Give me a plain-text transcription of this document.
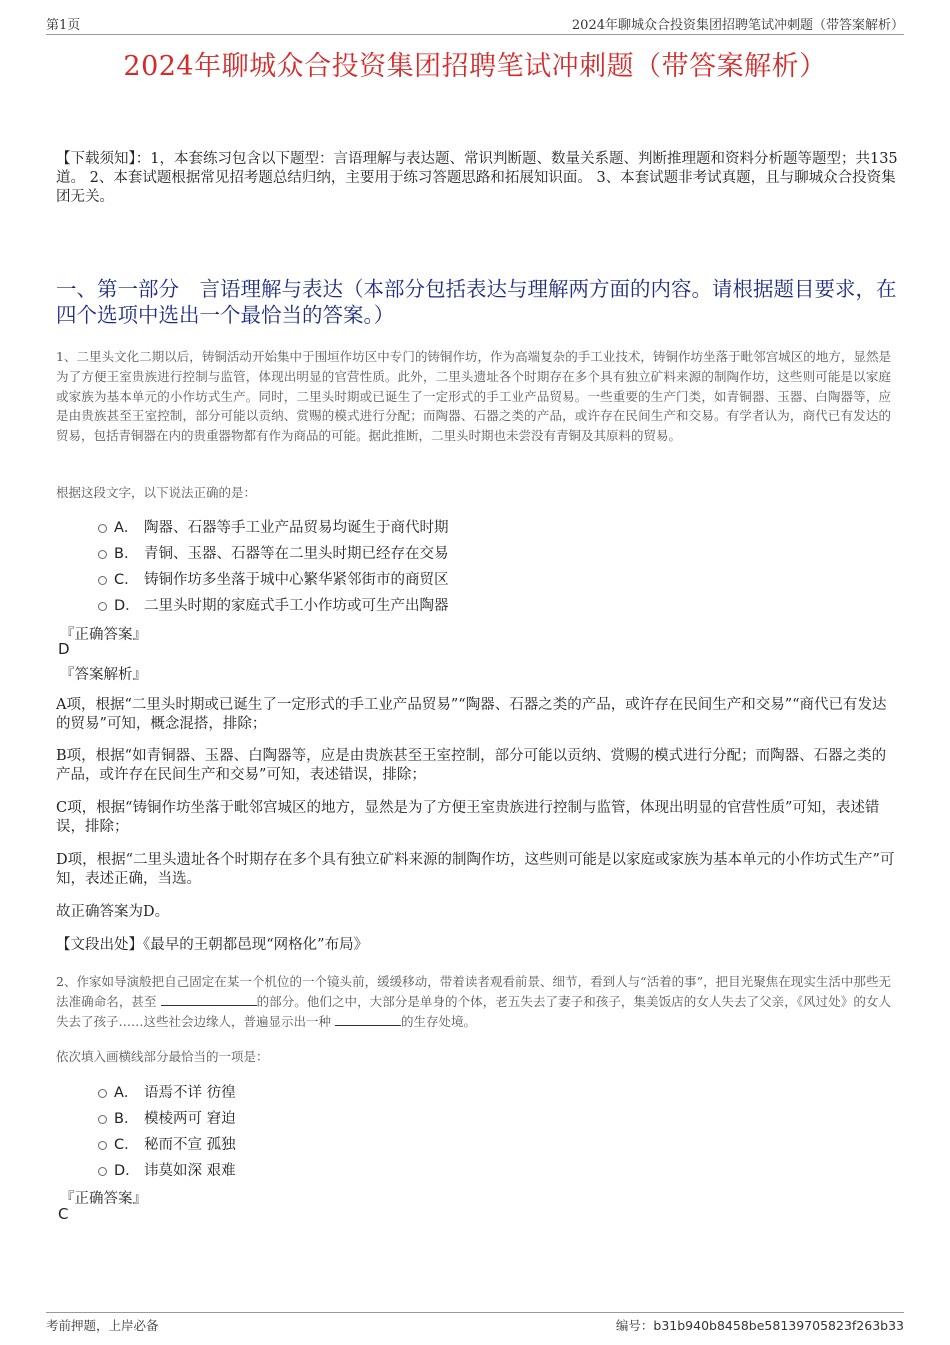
第1页	2024年聊城众合投资集团招聘笔试冲刺题（带答案解析）
2024年聊城众合投资集团招聘笔试冲刺题（带答案解析）
【下载须知】：1，本套练习包含以下题型：言语理解与表达题、常识判断题、数量关系题、判断推理题和资料分析题等题型；共135道。 2、本套试题根据常见招考题总结归纳，主要用于练习答题思路和拓展知识面。 3、本套试题非考试真题，且与聊城众合投资集团无关。
一、第一部分　言语理解与表达（本部分包括表达与理解两方面的内容。请根据题目要求，在四个选项中选出一个最恰当的答案。）
1、二里头文化二期以后，铸铜活动开始集中于围垣作坊区中专门的铸铜作坊，作为高端复杂的手工业技术，铸铜作坊坐落于毗邻宫城区的地方，显然是为了方便王室贵族进行控制与监管，体现出明显的官营性质。此外，二里头遗址各个时期存在多个具有独立矿料来源的制陶作坊，这些则可能是以家庭或家族为基本单元的小作坊式生产。同时，二里头时期或已诞生了一定形式的手工业产品贸易。一些重要的生产门类，如青铜器、玉器、白陶器等，应是由贵族甚至王室控制，部分可能以贡纳、赏赐的模式进行分配；而陶器、石器之类的产品，或许存在民间生产和交易。有学者认为，商代已有发达的贸易，包括青铜器在内的贵重器物都有作为商品的可能。据此推断，二里头时期也未尝没有青铜及其原料的贸易。
根据这段文字，以下说法正确的是：
A． 陶器、石器等手工业产品贸易均诞生于商代时期
B． 青铜、玉器、石器等在二里头时期已经存在交易
C． 铸铜作坊多坐落于城中心繁华紧邻街市的商贸区
D． 二里头时期的家庭式手工小作坊或可生产出陶器
『正确答案』
D
『答案解析』
A项，根据“二里头时期或已诞生了一定形式的手工业产品贸易”“陶器、石器之类的产品，或许存在民间生产和交易”“商代已有发达的贸易”可知，概念混搭，排除；
B项，根据“如青铜器、玉器、白陶器等，应是由贵族甚至王室控制，部分可能以贡纳、赏赐的模式进行分配；而陶器、石器之类的产品，或许存在民间生产和交易”可知，表述错误，排除；
C项，根据“铸铜作坊坐落于毗邻宫城区的地方，显然是为了方便王室贵族进行控制与监管，体现出明显的官营性质”可知，表述错误，排除；
D项，根据“二里头遗址各个时期存在多个具有独立矿料来源的制陶作坊，这些则可能是以家庭或家族为基本单元的小作坊式生产”可知，表述正确，当选。
故正确答案为D。
【文段出处】《最早的王朝都邑现“网格化”布局》
2、作家如导演般把自己固定在某一个机位的一个镜头前，缓缓移动，带着读者观看前景、细节，看到人与“活着的事”，把目光聚焦在现实生活中那些无法准确命名，甚至	的部分。他们之中，大部分是单身的个体，老五失去了妻子和孩子，集美饭店的女人失去了父亲，《风过处》的女人失去了孩子……这些社会边缘人，普遍显示出一种	的生存处境。
依次填入画横线部分最恰当的一项是：
A． 语焉不详 彷徨
B． 模棱两可 窘迫
C． 秘而不宣 孤独
D． 讳莫如深 艰难
『正确答案』
C
考前押题，上岸必备	编号：b31b940b8458be58139705823f263b33
